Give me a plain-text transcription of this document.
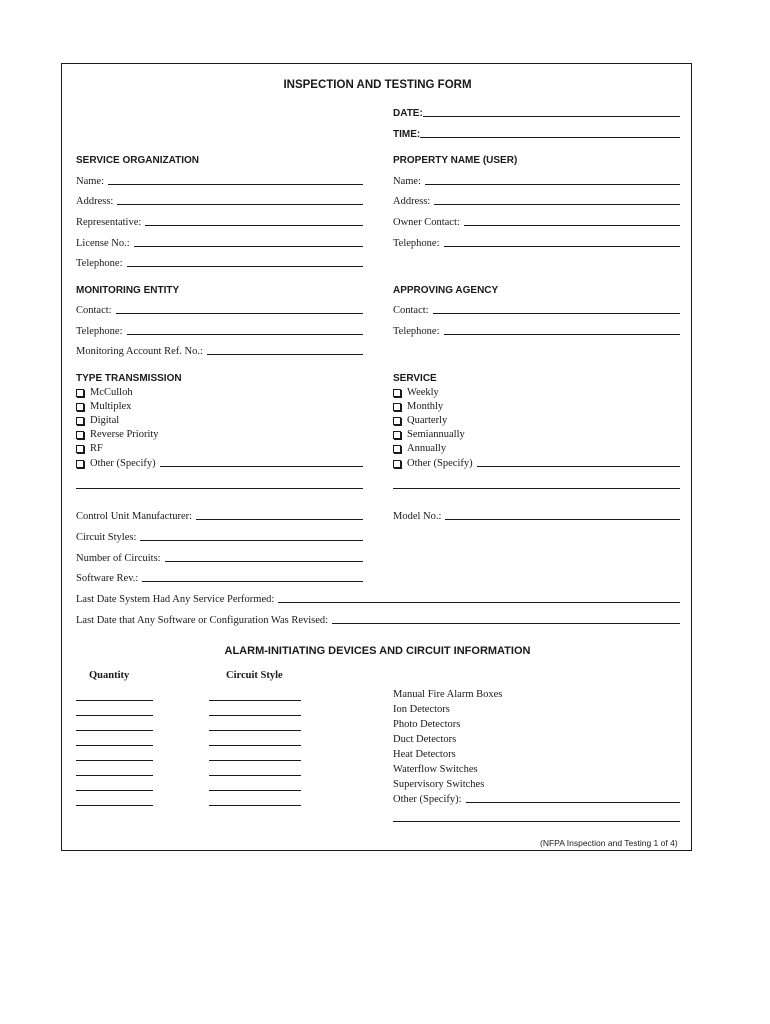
INSPECTION AND TESTING FORM
DATE:
TIME:
SERVICE ORGANIZATION	PROPERTY NAME (USER)
Name:
Address:
Representative:
License No.:
Telephone:
Name:
Address:
Owner Contact:
Telephone:
MONITORING ENTITY	APPROVING AGENCY
Contact:
Telephone:
Monitoring Account Ref. No.:
Contact:
Telephone:
TYPE TRANSMISSION
McCulloh
Multiplex
Digital
Reverse Priority
RF
Other (Specify)
SERVICE
Weekly
Monthly
Quarterly
Semiannually
Annually
Other (Specify)
Control Unit Manufacturer:	Model No.:
Circuit Styles:
Number of Circuits:
Software Rev.:
Last Date System Had Any Service Performed:
Last Date that Any Software or Configuration Was Revised:
ALARM-INITIATING DEVICES AND CIRCUIT INFORMATION
Quantity	Circuit Style
Manual Fire Alarm Boxes
Ion Detectors
Photo Detectors
Duct Detectors
Heat Detectors
Waterflow Switches
Supervisory Switches
Other (Specify):
(NFPA Inspection and Testing 1 of 4)
